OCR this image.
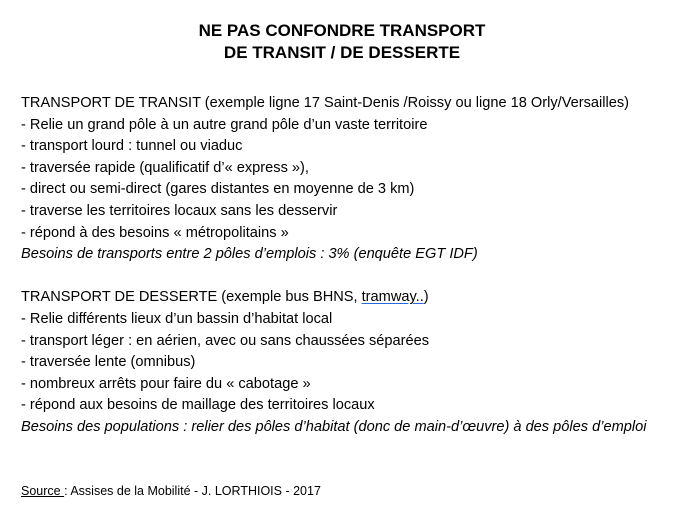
NE PAS CONFONDRE TRANSPORT
DE TRANSIT / DE DESSERTE
TRANSPORT DE TRANSIT (exemple ligne 17 Saint-Denis /Roissy ou ligne 18 Orly/Versailles)
- Relie un grand pôle à un autre grand pôle d’un vaste territoire
- transport lourd : tunnel ou viaduc
- traversée rapide (qualificatif d’« express »),
- direct ou semi-direct (gares distantes en moyenne de 3 km)
- traverse les territoires locaux sans les desservir
- répond à des besoins « métropolitains »
Besoins de transports entre 2 pôles d’emplois : 3% (enquête EGT IDF)
TRANSPORT DE DESSERTE (exemple bus BHNS, tramway..)
- Relie différents lieux d’un bassin d’habitat local
- transport léger : en aérien, avec ou sans chaussées séparées
- traversée lente (omnibus)
- nombreux arrêts pour faire du « cabotage »
- répond aux besoins de maillage des territoires locaux
Besoins des populations : relier des pôles d’habitat (donc de main-d’œuvre) à des pôles d’emploi
Source : Assises de la Mobilité - J. LORTHIOIS - 2017
